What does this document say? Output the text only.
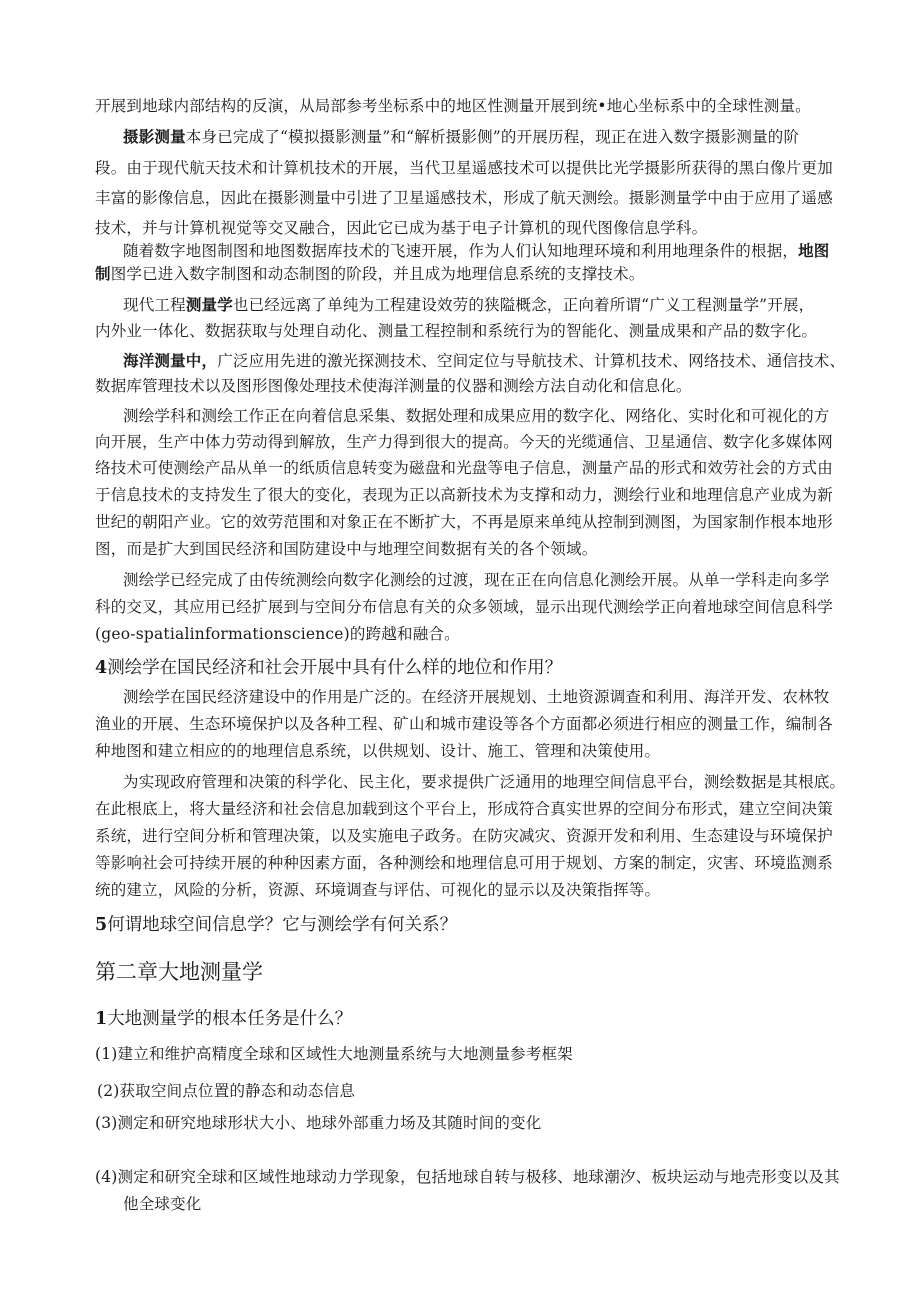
开展到地球内部结构的反演，从局部参考坐标系中的地区性测量开展到统•地心坐标系中的全球性测量。
摄影测量本身已完成了“模拟摄影测量”和“解析摄影侧”的开展历程，现正在进入数字摄影测量的阶
段。由于现代航天技术和计算机技术的开展，当代卫星遥感技术可以提供比光学摄影所获得的黑白像片更加
丰富的影像信息，因此在摄影测量中引进了卫星遥感技术，形成了航天测绘。摄影测量学中由于应用了遥感
技术，并与计算机视觉等交叉融合，因此它已成为基于电子计算机的现代图像信息学科。
随着数字地图制图和地图数据库技术的飞速开展，作为人们认知地理环境和利用地理条件的根据，地图
制图学已进入数字制图和动态制图的阶段，并且成为地理信息系统的支撑技术。
现代工程测量学也已经远离了单纯为工程建设效劳的狭隘概念，正向着所谓“广义工程测量学”开展，
内外业一体化、数据获取与处理自动化、测量工程控制和系统行为的智能化、测量成果和产品的数字化。
海洋测量中，广泛应用先进的激光探测技术、空间定位与导航技术、计算机技术、网络技术、通信技术、
数据库管理技术以及图形图像处理技术使海洋测量的仪器和测绘方法自动化和信息化。
测绘学科和测绘工作正在向着信息采集、数据处理和成果应用的数字化、网络化、实时化和可视化的方
向开展，生产中体力劳动得到解放，生产力得到很大的提高。今天的光缆通信、卫星通信、数字化多媒体网
络技术可使测绘产品从单一的纸质信息转变为磁盘和光盘等电子信息，测量产品的形式和效劳社会的方式由
于信息技术的支持发生了很大的变化，表现为正以高新技术为支撑和动力，测绘行业和地理信息产业成为新
世纪的朝阳产业。它的效劳范围和对象正在不断扩大，不再是原来单纯从控制到测图，为国家制作根本地形
图，而是扩大到国民经济和国防建设中与地理空间数据有关的各个领域。
测绘学已经完成了由传统测绘向数字化测绘的过渡，现在正在向信息化测绘开展。从单一学科走向多学
科的交叉，其应用已经扩展到与空间分布信息有关的众多领域，显示出现代测绘学正向着地球空间信息科学
(geo-spatialinformationscience)的跨越和融合。
4测绘学在国民经济和社会开展中具有什么样的地位和作用？
测绘学在国民经济建设中的作用是广泛的。在经济开展规划、土地资源调查和利用、海洋开发、农林牧
渔业的开展、生态环境保护以及各种工程、矿山和城市建设等各个方面都必须进行相应的测量工作，编制各
种地图和建立相应的的地理信息系统，以供规划、设计、施工、管理和决策使用。
为实现政府管理和决策的科学化、民主化，要求提供广泛通用的地理空间信息平台，测绘数据是其根底。
在此根底上，将大量经济和社会信息加载到这个平台上，形成符合真实世界的空间分布形式，建立空间决策
系统，进行空间分析和管理决策，以及实施电子政务。在防灾减灾、资源开发和利用、生态建设与环境保护
等影响社会可持续开展的种种因素方面，各种测绘和地理信息可用于规划、方案的制定，灾害、环境监测系
统的建立，风险的分析，资源、环境调查与评估、可视化的显示以及决策指挥等。
5何谓地球空间信息学？它与测绘学有何关系？
第二章大地测量学
1大地测量学的根本任务是什么？
(1)建立和维护高精度全球和区域性大地测量系统与大地测量参考框架
(2)获取空间点位置的静态和动态信息
(3)测定和研究地球形状大小、地球外部重力场及其随时间的变化
(4)测定和研究全球和区域性地球动力学现象，包括地球自转与极移、地球潮汐、板块运动与地壳形变以及其
他全球变化
